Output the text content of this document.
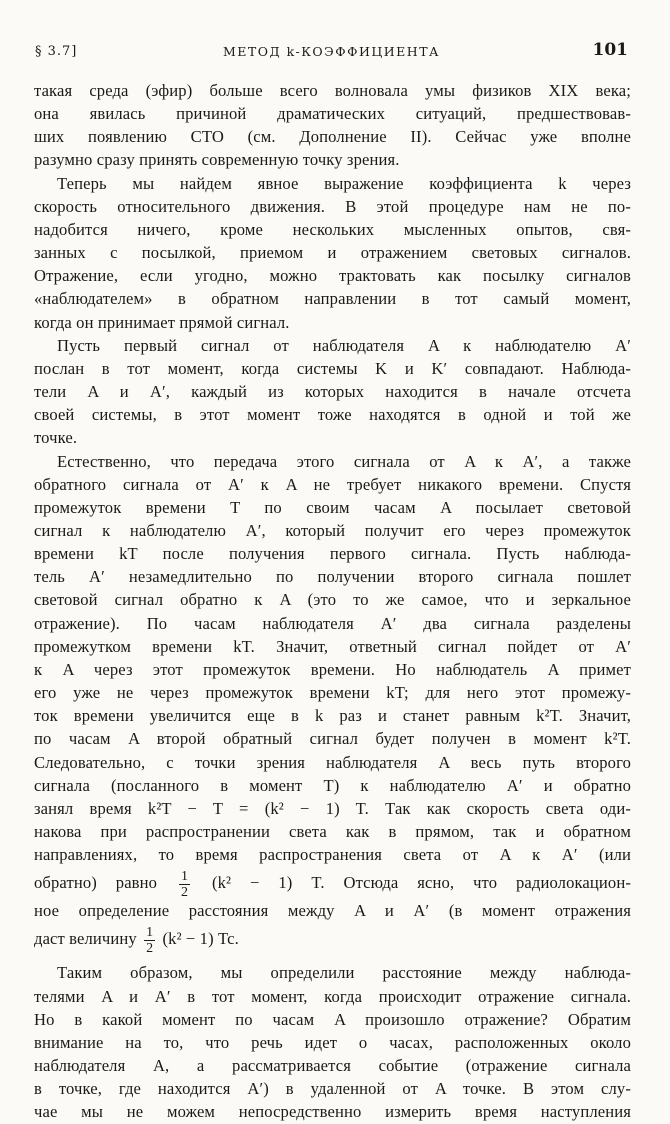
§ 3.7]	МЕТОД k-КОЭФФИЦИЕНТА	101
такая среда (эфир) больше всего волновала умы физиков XIX века;
она явилась причиной драматических ситуаций, предшествовав-
ших появлению СТО (см. Дополнение II). Сейчас уже вполне
разумно сразу принять современную точку зрения.
Теперь мы найдем явное выражение коэффициента k через
скорость относительного движения. В этой процедуре нам не по-
надобится ничего, кроме нескольких мысленных опытов, свя-
занных с посылкой, приемом и отражением световых сигналов.
Отражение, если угодно, можно трактовать как посылку сигналов
«наблюдателем» в обратном направлении в тот самый момент,
когда он принимает прямой сигнал.
Пусть первый сигнал от наблюдателя A к наблюдателю A′
послан в тот момент, когда системы K и K′ совпадают. Наблюда-
тели A и A′, каждый из которых находится в начале отсчета
своей системы, в этот момент тоже находятся в одной и той же
точке.
Естественно, что передача этого сигнала от A к A′, а также
обратного сигнала от A′ к A не требует никакого времени. Спустя
промежуток времени T по своим часам A посылает световой
сигнал к наблюдателю A′, который получит его через промежуток
времени kT после получения первого сигнала. Пусть наблюда-
тель A′ незамедлительно по получении второго сигнала пошлет
световой сигнал обратно к A (это то же самое, что и зеркальное
отражение). По часам наблюдателя A′ два сигнала разделены
промежутком времени kT. Значит, ответный сигнал пойдет от A′
к A через этот промежуток времени. Но наблюдатель A примет
его уже не через промежуток времени kT; для него этот промежу-
ток времени увеличится еще в k раз и станет равным k²T. Значит,
по часам A второй обратный сигнал будет получен в момент k²T.
Следовательно, с точки зрения наблюдателя A весь путь второго
сигнала (посланного в момент T) к наблюдателю A′ и обратно
занял время k²T − T = (k² − 1) T. Так как скорость света оди-
накова при распространении света как в прямом, так и обратном
направлениях, то время распространения света от A к A′ (или
обратно) равно $\frac{1}{2} (k^2 - 1)$ T. Отсюда ясно, что радиолокацион-
ное определение расстояния между A и A′ (в момент отражения
даст величину $\frac{1}{2} (k^2 - 1)$ Tc.
Таким образом, мы определили расстояние между наблюда-
телями A и A′ в тот момент, когда происходит отражение сигнала.
Но в какой момент по часам A произошло отражение? Обратим
внимание на то, что речь идет о часах, расположенных около
наблюдателя A, а рассматривается событие (отражение сигнала
в точке, где находится A′) в удаленной от A точке. В этом слу-
чае мы не можем непосредственно измерить время наступления
